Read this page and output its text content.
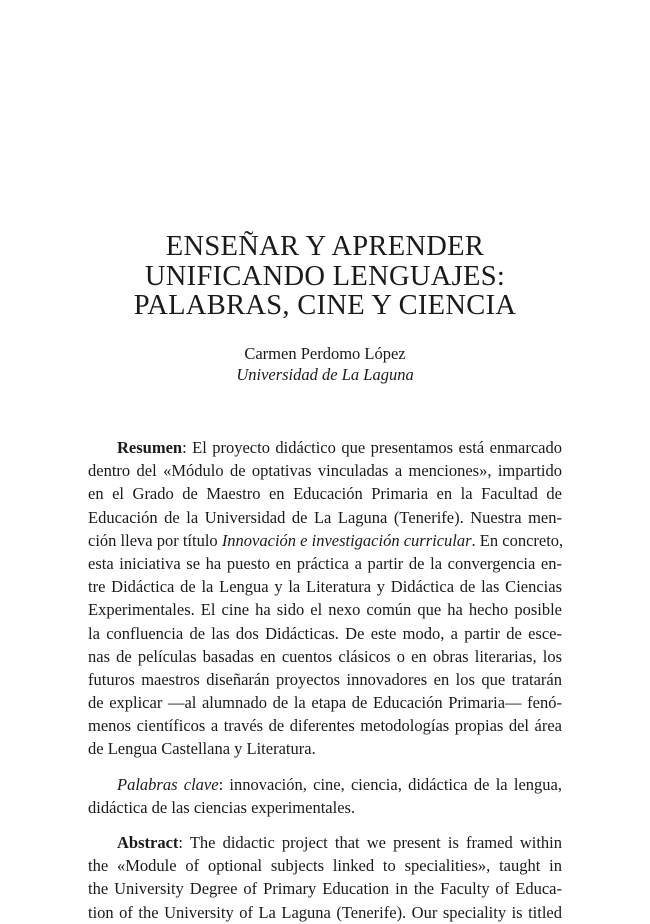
ENSEÑAR Y APRENDER
UNIFICANDO LENGUAJES:
PALABRAS, CINE Y CIENCIA
Carmen Perdomo López
Universidad de La Laguna
Resumen: El proyecto didáctico que presentamos está enmarcado
dentro del «Módulo de optativas vinculadas a menciones», impartido
en el Grado de Maestro en Educación Primaria en la Facultad de
Educación de la Universidad de La Laguna (Tenerife). Nuestra men-
ción lleva por título Innovación e investigación curricular. En concreto,
esta iniciativa se ha puesto en práctica a partir de la convergencia en-
tre Didáctica de la Lengua y la Literatura y Didáctica de las Ciencias
Experimentales. El cine ha sido el nexo común que ha hecho posible
la confluencia de las dos Didácticas. De este modo, a partir de esce-
nas de películas basadas en cuentos clásicos o en obras literarias, los
futuros maestros diseñarán proyectos innovadores en los que tratarán
de explicar —al alumnado de la etapa de Educación Primaria— fenó-
menos científicos a través de diferentes metodologías propias del área
de Lengua Castellana y Literatura.
Palabras clave: innovación, cine, ciencia, didáctica de la lengua,
didáctica de las ciencias experimentales.
Abstract: The didactic project that we present is framed within
the «Module of optional subjects linked to specialities», taught in
the University Degree of Primary Education in the Faculty of Educa-
tion of the University of La Laguna (Tenerife). Our speciality is titled
